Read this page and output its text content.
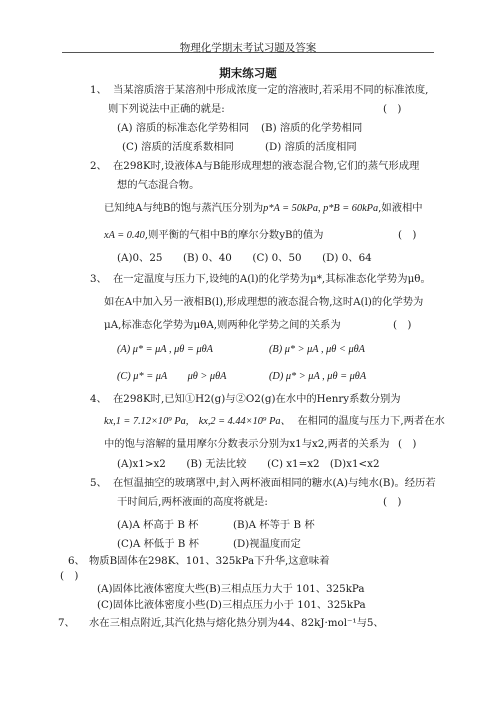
物理化学期末考试习题及答案
期末练习题
1、 当某溶质溶于某溶剂中形成浓度一定的溶液时,若采用不同的标准浓度,
则下列说法中正确的就是:	(　)
(A) 溶质的标准态化学势相同 (B) 溶质的化学势相同
(C) 溶质的活度系数相同	(D) 溶质的活度相同
2、 在298K时,设液体A与B能形成理想的液态混合物,它们的蒸气形成理
想的气态混合物。
已知纯A与纯B的饱与蒸汽压分别为p*A = 50kPa, p*B = 60kPa,如液相中
xA = 0.40,则平衡的气相中B的摩尔分数yB的值为	(　)
(A)0、25　　(B) 0、40　　(C) 0、50　　(D) 0、64
3、 在一定温度与压力下,设纯的A(l)的化学势为μ*,其标准态化学势为μθ。
如在A中加入另一液相B(l),形成理想的液态混合物,这时A(l)的化学势为
μA,标准态化学势为μθA,则两种化学势之间的关系为	(　)
(A) μ* = μA , μθ = μθA	(B) μ* > μA , μθ < μθA
(C) μ* = μA　　μθ > μθA	(D) μ* > μA , μθ = μθA
4、 在298K时,已知①H2(g)与②O2(g)在水中的Henry系数分别为
kx,1 = 7.12×10⁹ Pa,　kx,2 = 4.44×10⁹ Pa、 在相同的温度与压力下,两者在水
中的饱与溶解的量用摩尔分数表示分别为x1与x2,两者的关系为 (　)
(A)x1>x2　　(B) 无法比较　　(C) x1=x2　(D)x1<x2
5、 在恒温抽空的玻璃罩中,封入两杯液面相同的糖水(A)与纯水(B)。经历若
干时间后,两杯液面的高度将就是:	(　)
(A)A 杯高于 B 杯	(B)A 杯等于 B 杯
(C)A 杯低于 B 杯	(D)视温度而定
6、 物质B固体在298K、101、325kPa下升华,这意味着
(　)
(A)固体比液体密度大些(B)三相点压力大于 101、325kPa
(C)固体比液体密度小些(D)三相点压力小于 101、325kPa
7、 水在三相点附近,其汽化热与熔化热分别为44、82kJ·mol⁻¹与5、
